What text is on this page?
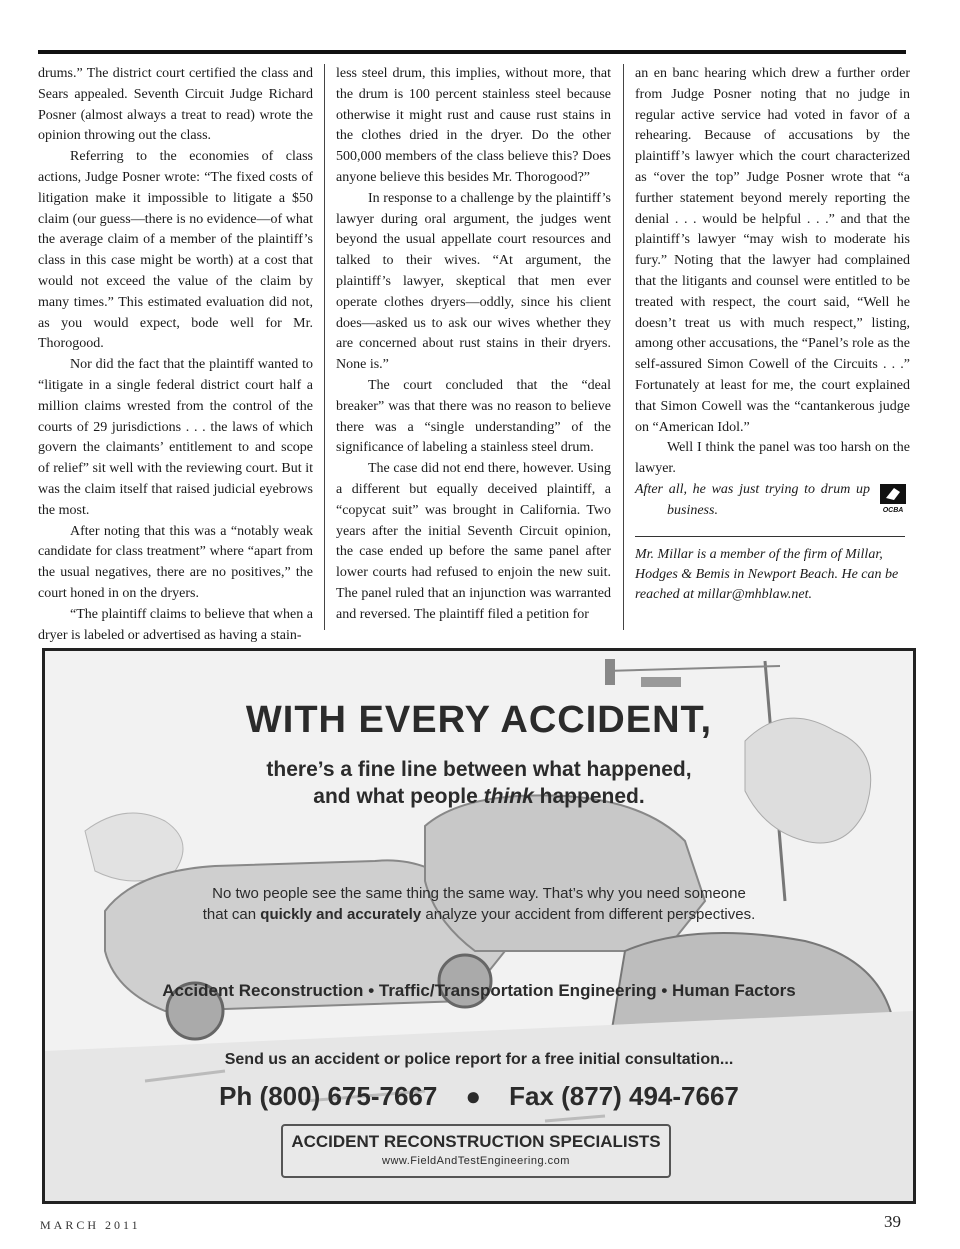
drums.” The district court certified the class and Sears appealed. Seventh Circuit Judge Richard Posner (almost always a treat to read) wrote the opinion throwing out the class.

Referring to the economies of class actions, Judge Posner wrote: “The fixed costs of litigation make it impossible to litigate a $50 claim (our guess—there is no evidence—of what the average claim of a member of the plaintiff’s class in this case might be worth) at a cost that would not exceed the value of the claim by many times.” This estimated evaluation did not, as you would expect, bode well for Mr. Thorogood.

Nor did the fact that the plaintiff wanted to “litigate in a single federal district court half a million claims wrested from the control of the courts of 29 jurisdictions . . . the laws of which govern the claimants’ entitlement to and scope of relief” sit well with the reviewing court. But it was the claim itself that raised judicial eyebrows the most.

After noting that this was a “notably weak candidate for class treatment” where “apart from the usual negatives, there are no positives,” the court honed in on the dryers.

“The plaintiff claims to believe that when a dryer is labeled or advertised as having a stain-

less steel drum, this implies, without more, that the drum is 100 percent stainless steel because otherwise it might rust and cause rust stains in the clothes dried in the dryer. Do the other 500,000 members of the class believe this? Does anyone believe this besides Mr. Thorogood?”

In response to a challenge by the plaintiff’s lawyer during oral argument, the judges went beyond the usual appellate court resources and talked to their wives. “At argument, the plaintiff’s lawyer, skeptical that men ever operate clothes dryers—oddly, since his client does—asked us to ask our wives whether they are concerned about rust stains in their dryers. None is.”

The court concluded that the “deal breaker” was that there was no reason to believe there was a “single understanding” of the significance of labeling a stainless steel drum.

The case did not end there, however. Using a different but equally deceived plaintiff, a “copycat suit” was brought in California. Two years after the initial Seventh Circuit opinion, the case ended up before the same panel after lower courts had refused to enjoin the new suit. The panel ruled that an injunction was warranted and reversed. The plaintiff filed a petition for

an en banc hearing which drew a further order from Judge Posner noting that no judge in regular active service had voted in favor of a rehearing. Because of accusations by the plaintiff’s lawyer which the court characterized as “over the top” Judge Posner wrote that “a further statement beyond merely reporting the denial . . . would be helpful . . .” and that the plaintiff’s lawyer “may wish to moderate his fury.” Noting that the lawyer had complained that the litigants and counsel were entitled to be treated with respect, the court said, “Well he doesn’t treat us with much respect,” listing, among other accusations, the “Panel’s role as the self-assured Simon Cowell of the Circuits . . .” Fortunately at least for me, the court explained that Simon Cowell was the “cantankerous judge on “American Idol.”

Well I think the panel was too harsh on the lawyer.

OCBA
After all, he was just trying to drum up business.

Mr. Millar is a member of the firm of Millar, Hodges & Bemis in Newport Beach. He can be reached at millar@mhblaw.net.

WITH EVERY ACCIDENT,
there’s a fine line between what happened,
and what people think happened.
No two people see the same thing the same way. That’s why you need someone
that can quickly and accurately analyze your accident from different perspectives.
Accident Reconstruction • Traffic/Transportation Engineering • Human Factors
Send us an accident or police report for a free initial consultation...
Ph (800) 675-7667 ● Fax (877) 494-7667
ACCIDENT RECONSTRUCTION SPECIALISTS
www.FieldAndTestEngineering.com
MARCH 2011	39
